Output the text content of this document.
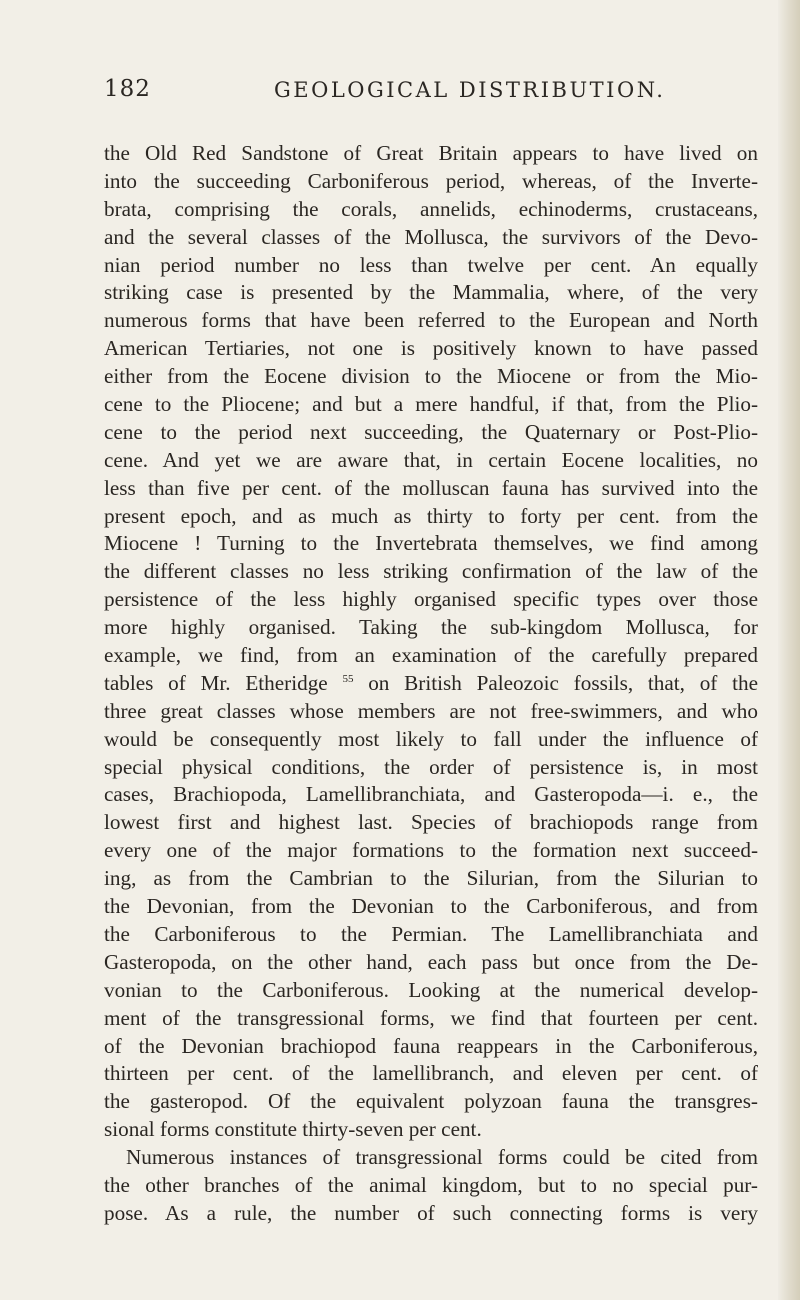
182	GEOLOGICAL DISTRIBUTION.
the Old Red Sandstone of Great Britain appears to have lived on
into the succeeding Carboniferous period, whereas, of the Inverte-
brata, comprising the corals, annelids, echinoderms, crustaceans,
and the several classes of the Mollusca, the survivors of the Devo-
nian period number no less than twelve per cent. An equally
striking case is presented by the Mammalia, where, of the very
numerous forms that have been referred to the European and North
American Tertiaries, not one is positively known to have passed
either from the Eocene division to the Miocene or from the Mio-
cene to the Pliocene; and but a mere handful, if that, from the Plio-
cene to the period next succeeding, the Quaternary or Post-Plio-
cene. And yet we are aware that, in certain Eocene localities, no
less than five per cent. of the molluscan fauna has survived into the
present epoch, and as much as thirty to forty per cent. from the
Miocene ! Turning to the Invertebrata themselves, we find among
the different classes no less striking confirmation of the law of the
persistence of the less highly organised specific types over those
more highly organised. Taking the sub-kingdom Mollusca, for
example, we find, from an examination of the carefully prepared
tables of Mr. Etheridge $^{55}$ on British Paleozoic fossils, that, of the
three great classes whose members are not free-swimmers, and who
would be consequently most likely to fall under the influence of
special physical conditions, the order of persistence is, in most
cases, Brachiopoda, Lamellibranchiata, and Gasteropoda—i. e., the
lowest first and highest last. Species of brachiopods range from
every one of the major formations to the formation next succeed-
ing, as from the Cambrian to the Silurian, from the Silurian to
the Devonian, from the Devonian to the Carboniferous, and from
the Carboniferous to the Permian. The Lamellibranchiata and
Gasteropoda, on the other hand, each pass but once from the De-
vonian to the Carboniferous. Looking at the numerical develop-
ment of the transgressional forms, we find that fourteen per cent.
of the Devonian brachiopod fauna reappears in the Carboniferous,
thirteen per cent. of the lamellibranch, and eleven per cent. of
the gasteropod. Of the equivalent polyzoan fauna the transgres-
sional forms constitute thirty-seven per cent.
Numerous instances of transgressional forms could be cited from
the other branches of the animal kingdom, but to no special pur-
pose. As a rule, the number of such connecting forms is very
